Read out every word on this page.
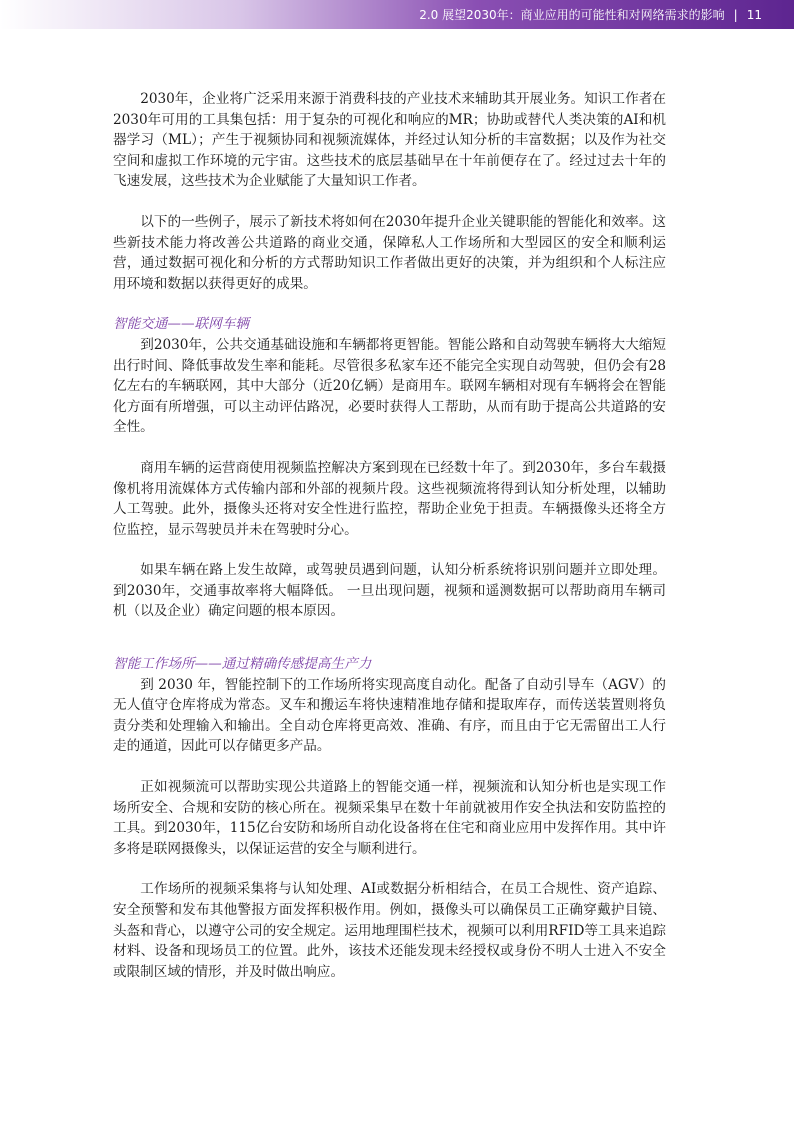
2.0 展望2030年：商业应用的可能性和对网络需求的影响 | 11

2030年，企业将广泛采用来源于消费科技的产业技术来辅助其开展业务。知识工作者在2030年可用的工具集包括：用于复杂的可视化和响应的MR；协助或替代人类决策的AI和机器学习（ML）；产生于视频协同和视频流媒体，并经过认知分析的丰富数据；以及作为社交空间和虚拟工作环境的元宇宙。这些技术的底层基础早在十年前便存在了。经过过去十年的飞速发展，这些技术为企业赋能了大量知识工作者。

以下的一些例子，展示了新技术将如何在2030年提升企业关键职能的智能化和效率。这些新技术能力将改善公共道路的商业交通，保障私人工作场所和大型园区的安全和顺利运营，通过数据可视化和分析的方式帮助知识工作者做出更好的决策，并为组织和个人标注应用环境和数据以获得更好的成果。

智能交通——联网车辆

到2030年，公共交通基础设施和车辆都将更智能。智能公路和自动驾驶车辆将大大缩短出行时间、降低事故发生率和能耗。尽管很多私家车还不能完全实现自动驾驶，但仍会有28亿左右的车辆联网，其中大部分（近20亿辆）是商用车。联网车辆相对现有车辆将会在智能化方面有所增强，可以主动评估路况，必要时获得人工帮助，从而有助于提高公共道路的安全性。

商用车辆的运营商使用视频监控解决方案到现在已经数十年了。到2030年，多台车载摄像机将用流媒体方式传输内部和外部的视频片段。这些视频流将得到认知分析处理，以辅助人工驾驶。此外，摄像头还将对安全性进行监控，帮助企业免于担责。车辆摄像头还将全方位监控，显示驾驶员并未在驾驶时分心。

如果车辆在路上发生故障，或驾驶员遇到问题，认知分析系统将识别问题并立即处理。到2030年，交通事故率将大幅降低。 一旦出现问题，视频和遥测数据可以帮助商用车辆司机（以及企业）确定问题的根本原因。

智能工作场所——通过精确传感提高生产力

到 2030 年，智能控制下的工作场所将实现高度自动化。配备了自动引导车（AGV）的无人值守仓库将成为常态。叉车和搬运车将快速精准地存储和提取库存，而传送装置则将负责分类和处理输入和输出。全自动仓库将更高效、准确、有序，而且由于它无需留出工人行走的通道，因此可以存储更多产品。

正如视频流可以帮助实现公共道路上的智能交通一样，视频流和认知分析也是实现工作场所安全、合规和安防的核心所在。视频采集早在数十年前就被用作安全执法和安防监控的工具。到2030年，115亿台安防和场所自动化设备将在住宅和商业应用中发挥作用。其中许多将是联网摄像头，以保证运营的安全与顺利进行。

工作场所的视频采集将与认知处理、AI或数据分析相结合，在员工合规性、资产追踪、安全预警和发布其他警报方面发挥积极作用。例如，摄像头可以确保员工正确穿戴护目镜、头盔和背心，以遵守公司的安全规定。运用地理围栏技术，视频可以利用RFID等工具来追踪材料、设备和现场员工的位置。此外，该技术还能发现未经授权或身份不明人士进入不安全或限制区域的情形，并及时做出响应。
